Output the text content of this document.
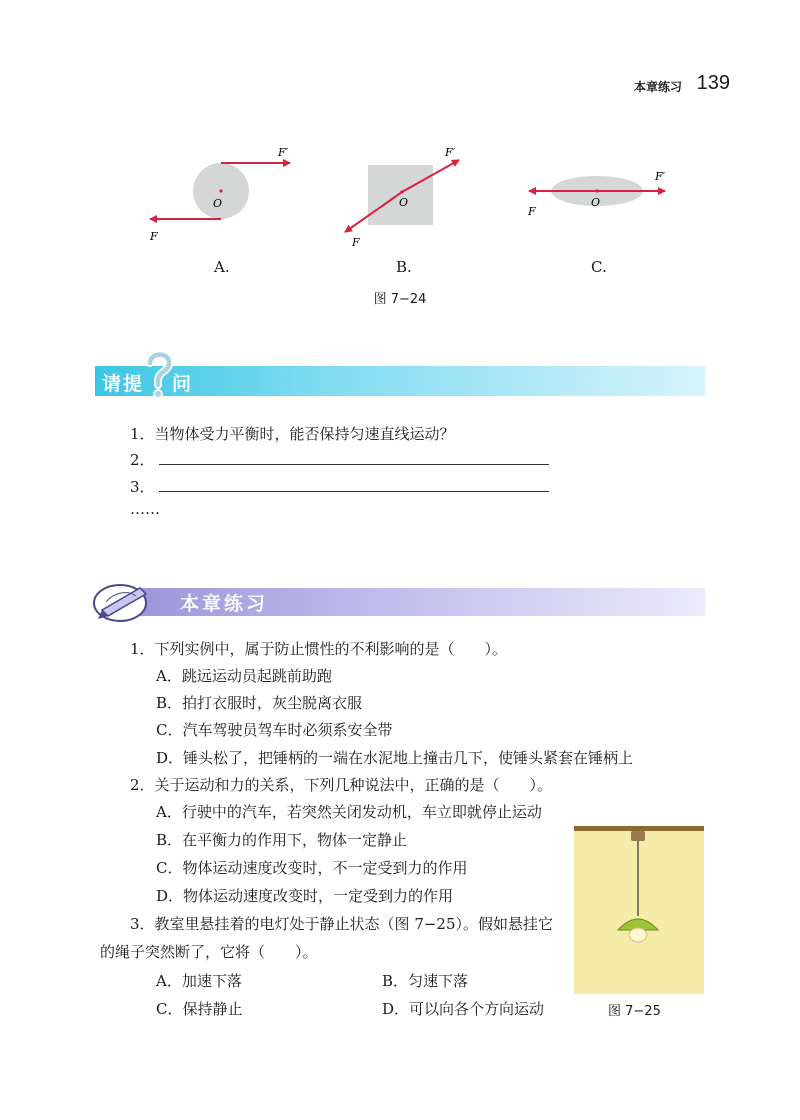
本章练习 139
O
F′
F
O
F′
F
O
F′
F
A.	B.	C.
图 7−24
请提 问
1．当物体受力平衡时，能否保持匀速直线运动？
2．
3．
……
本章练习
1．下列实例中，属于防止惯性的不利影响的是（　　）。
A．跳远运动员起跳前助跑
B．拍打衣服时，灰尘脱离衣服
C．汽车驾驶员驾车时必须系安全带
D．锤头松了，把锤柄的一端在水泥地上撞击几下，使锤头紧套在锤柄上
2．关于运动和力的关系，下列几种说法中，正确的是（　　）。
A．行驶中的汽车，若突然关闭发动机，车立即就停止运动
B．在平衡力的作用下，物体一定静止
C．物体运动速度改变时，不一定受到力的作用
D．物体运动速度改变时，一定受到力的作用
3．教室里悬挂着的电灯处于静止状态（图 7−25）。假如悬挂它
的绳子突然断了，它将（　　）。
A．加速下落	B．匀速下落
C．保持静止	D．可以向各个方向运动	图 7−25
